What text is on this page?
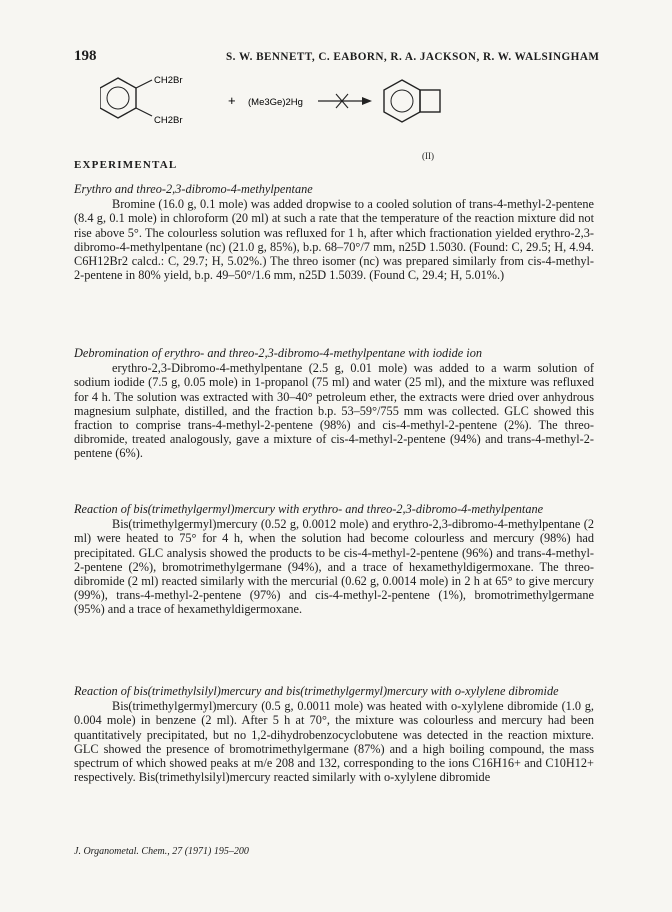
198	S. W. BENNETT, C. EABORN, R. A. JACKSON, R. W. WALSINGHAM
CH2Br
CH2Br
+ (Me3Ge)2Hg
(II)
EXPERIMENTAL
Erythro and threo-2,3-dibromo-4-methylpentane

Bromine (16.0 g, 0.1 mole) was added dropwise to a cooled solution of trans-4-methyl-2-pentene (8.4 g, 0.1 mole) in chloroform (20 ml) at such a rate that the temperature of the reaction mixture did not rise above 5°. The colourless solution was refluxed for 1 h, after which fractionation yielded erythro-2,3-dibromo-4-methylpentane (nc) (21.0 g, 85%), b.p. 68–70°/7 mm, n25D 1.5030. (Found: C, 29.5; H, 4.94. C6H12Br2 calcd.: C, 29.7; H, 5.02%.) The threo isomer (nc) was prepared similarly from cis-4-methyl-2-pentene in 80% yield, b.p. 49–50°/1.6 mm, n25D 1.5039. (Found C, 29.4; H, 5.01%.)

Debromination of erythro- and threo-2,3-dibromo-4-methylpentane with iodide ion

erythro-2,3-Dibromo-4-methylpentane (2.5 g, 0.01 mole) was added to a warm solution of sodium iodide (7.5 g, 0.05 mole) in 1-propanol (75 ml) and water (25 ml), and the mixture was refluxed for 4 h. The solution was extracted with 30–40° petroleum ether, the extracts were dried over anhydrous magnesium sulphate, distilled, and the fraction b.p. 53–59°/755 mm was collected. GLC showed this fraction to comprise trans-4-methyl-2-pentene (98%) and cis-4-methyl-2-pentene (2%). The threo-dibromide, treated analogously, gave a mixture of cis-4-methyl-2-pentene (94%) and trans-4-methyl-2-pentene (6%).

Reaction of bis(trimethylgermyl)mercury with erythro- and threo-2,3-dibromo-4-methylpentane

Bis(trimethylgermyl)mercury (0.52 g, 0.0012 mole) and erythro-2,3-dibromo-4-methylpentane (2 ml) were heated to 75° for 4 h, when the solution had become colourless and mercury (98%) had precipitated. GLC analysis showed the products to be cis-4-methyl-2-pentene (96%) and trans-4-methyl-2-pentene (2%), bromotrimethylgermane (94%), and a trace of hexamethyldigermoxane. The threo-dibromide (2 ml) reacted similarly with the mercurial (0.62 g, 0.0014 mole) in 2 h at 65° to give mercury (99%), trans-4-methyl-2-pentene (97%) and cis-4-methyl-2-pentene (1%), bromotrimethylgermane (95%) and a trace of hexamethyldigermoxane.

Reaction of bis(trimethylsilyl)mercury and bis(trimethylgermyl)mercury with o-xylylene dibromide

Bis(trimethylgermyl)mercury (0.5 g, 0.0011 mole) was heated with o-xylylene dibromide (1.0 g, 0.004 mole) in benzene (2 ml). After 5 h at 70°, the mixture was colourless and mercury had been quantitatively precipitated, but no 1,2-dihydrobenzocyclobutene was detected in the reaction mixture. GLC showed the presence of bromotrimethylgermane (87%) and a high boiling compound, the mass spectrum of which showed peaks at m/e 208 and 132, corresponding to the ions C16H16+ and C10H12+ respectively. Bis(trimethylsilyl)mercury reacted similarly with o-xylylene dibromide

J. Organometal. Chem., 27 (1971) 195–200
